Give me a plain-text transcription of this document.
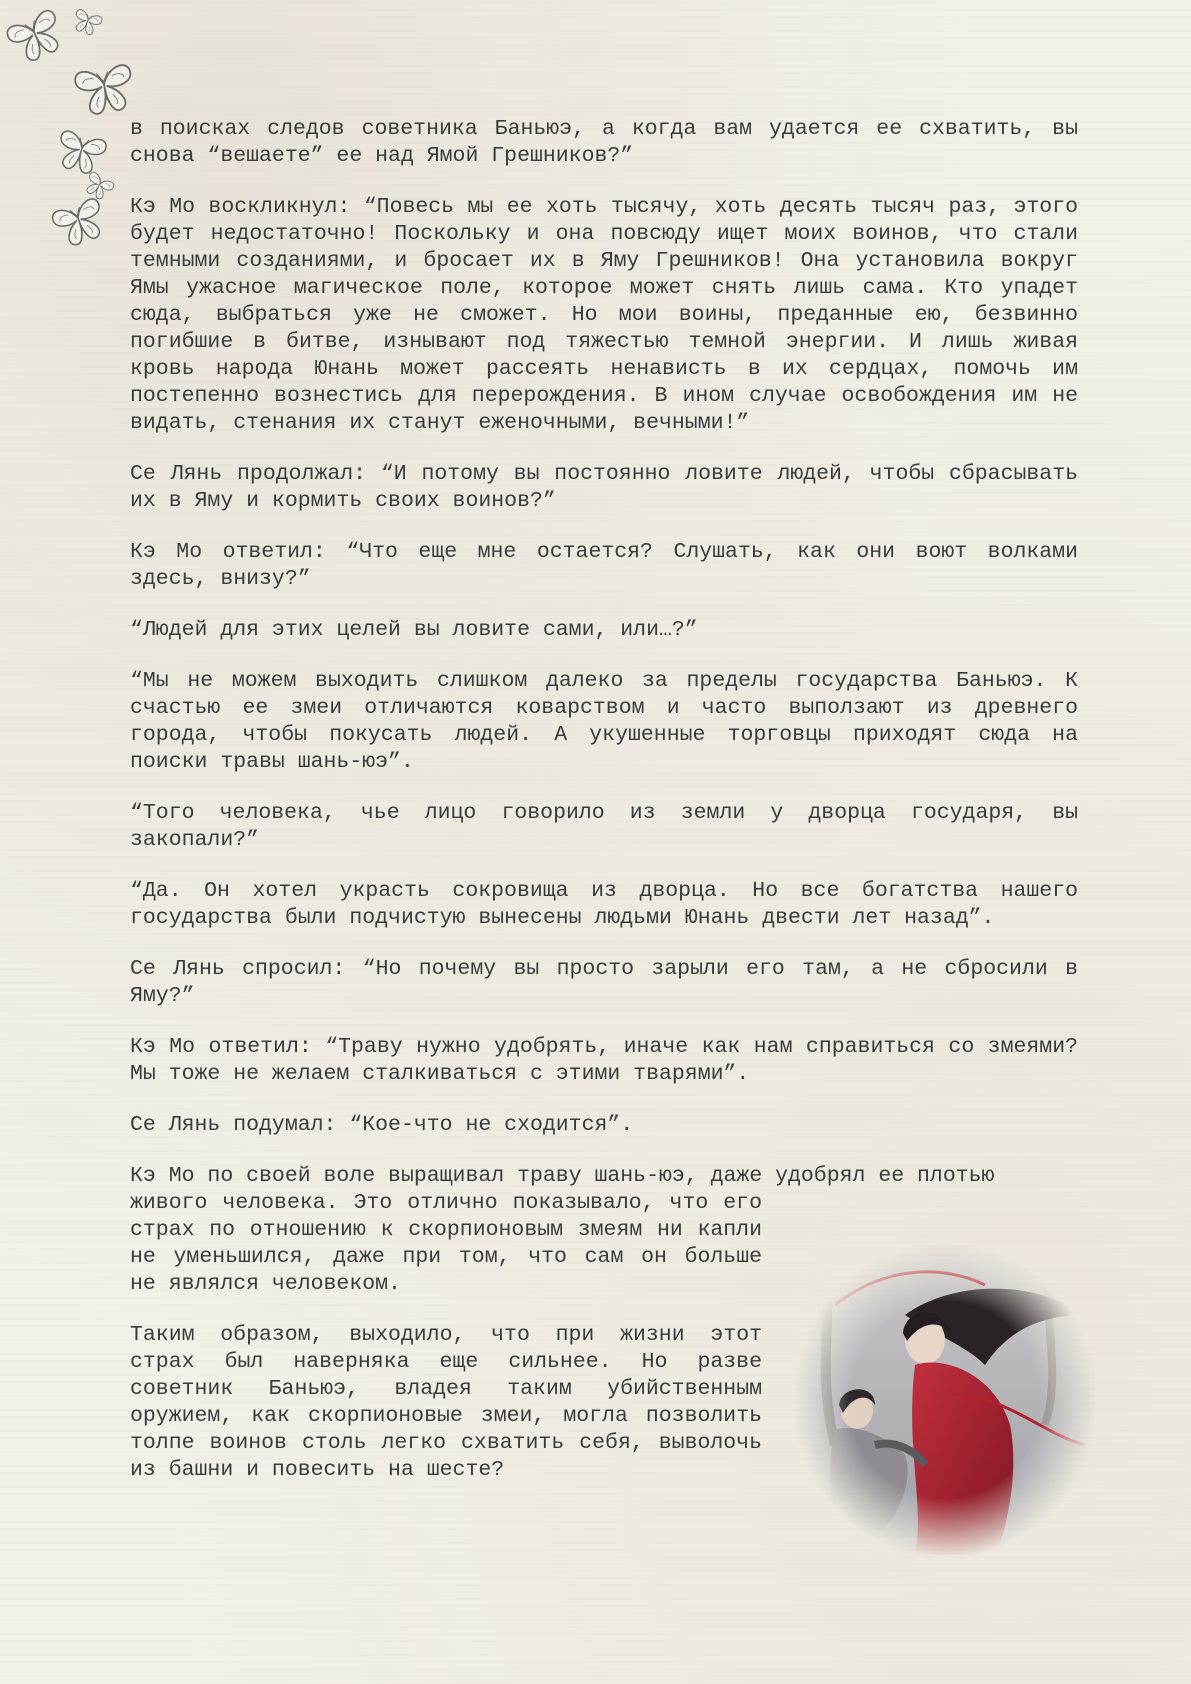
в поисках следов советника Баньюэ, а когда вам удается ее схватить, вы снова “вешаете” ее над Ямой Грешников?”

Кэ Мо воскликнул: “Повесь мы ее хоть тысячу, хоть десять тысяч раз, этого будет недостаточно! Поскольку и она повсюду ищет моих воинов, что стали темными созданиями, и бросает их в Яму Грешников! Она установила вокруг Ямы ужасное магическое поле, которое может снять лишь сама. Кто упадет сюда, выбраться уже не сможет. Но мои воины, преданные ею, безвинно погибшие в битве, изнывают под тяжестью темной энергии. И лишь живая кровь народа Юнань может рассеять ненависть в их сердцах, помочь им постепенно вознестись для перерождения. В ином случае освобождения им не видать, стенания их станут еженочными, вечными!”

Се Лянь продолжал: “И потому вы постоянно ловите людей, чтобы сбрасывать их в Яму и кормить своих воинов?”

Кэ Мо ответил: “Что еще мне остается? Слушать, как они воют волками здесь, внизу?”

“Людей для этих целей вы ловите сами, или…?”

“Мы не можем выходить слишком далеко за пределы государства Баньюэ. К счастью ее змеи отличаются коварством и часто выползают из древнего города, чтобы покусать людей. А укушенные торговцы приходят сюда на поиски травы шань-юэ”.

“Того человека, чье лицо говорило из земли у дворца государя, вы закопали?”

“Да. Он хотел украсть сокровища из дворца. Но все богатства нашего государства были подчистую вынесены людьми Юнань двести лет назад”.

Се Лянь спросил: “Но почему вы просто зарыли его там, а не сбросили в Яму?”

Кэ Мо ответил: “Траву нужно удобрять, иначе как нам справиться со змеями? Мы тоже не желаем сталкиваться с этими тварями”.

Се Лянь подумал: “Кое-что не сходится”.

Кэ Мо по своей воле выращивал траву шань-юэ, даже удобрял ее плотью

живого человека. Это отлично показывало, что его страх по отношению к скорпионовым змеям ни капли не уменьшился, даже при том, что сам он больше не являлся человеком.

Таким образом, выходило, что при жизни этот страх был наверняка еще сильнее. Но разве советник Баньюэ, владея таким убийственным оружием, как скорпионовые змеи, могла позволить толпе воинов столь легко схватить себя, выволочь из башни и повесить на шесте?
